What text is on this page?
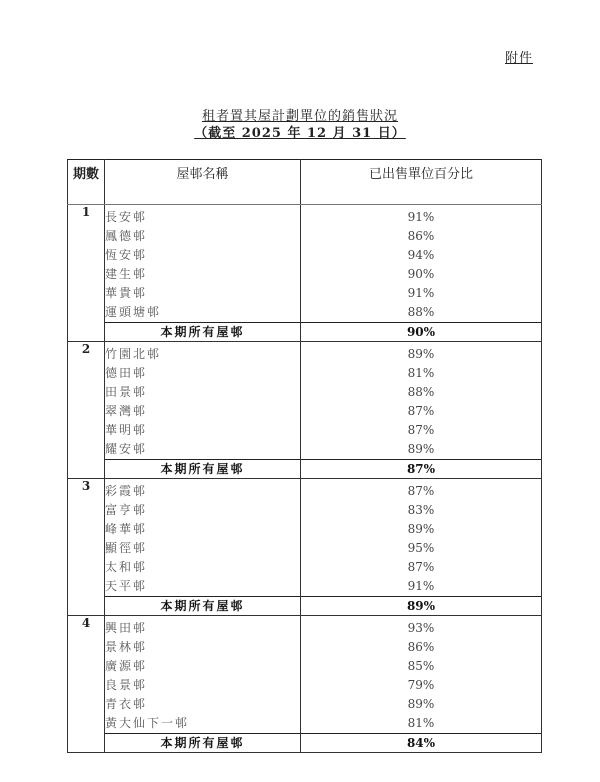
附件
租者置其屋計劃單位的銷售狀況
（截至 2025 年 12 月 31 日）
期數	屋邨名稱	已出售單位百分比
1	長安邨	91%
	鳳德邨	86%
	恆安邨	94%
	建生邨	90%
	華貴邨	91%
	運頭塘邨	88%
	本期所有屋邨	90%
2	竹園北邨	89%
	德田邨	81%
	田景邨	88%
	翠灣邨	87%
	華明邨	87%
	耀安邨	89%
	本期所有屋邨	87%
3	彩霞邨	87%
	富亨邨	83%
	峰華邨	89%
	顯徑邨	95%
	太和邨	87%
	天平邨	91%
	本期所有屋邨	89%
4	興田邨	93%
	景林邨	86%
	廣源邨	85%
	良景邨	79%
	青衣邨	89%
	黃大仙下一邨	81%
	本期所有屋邨	84%
